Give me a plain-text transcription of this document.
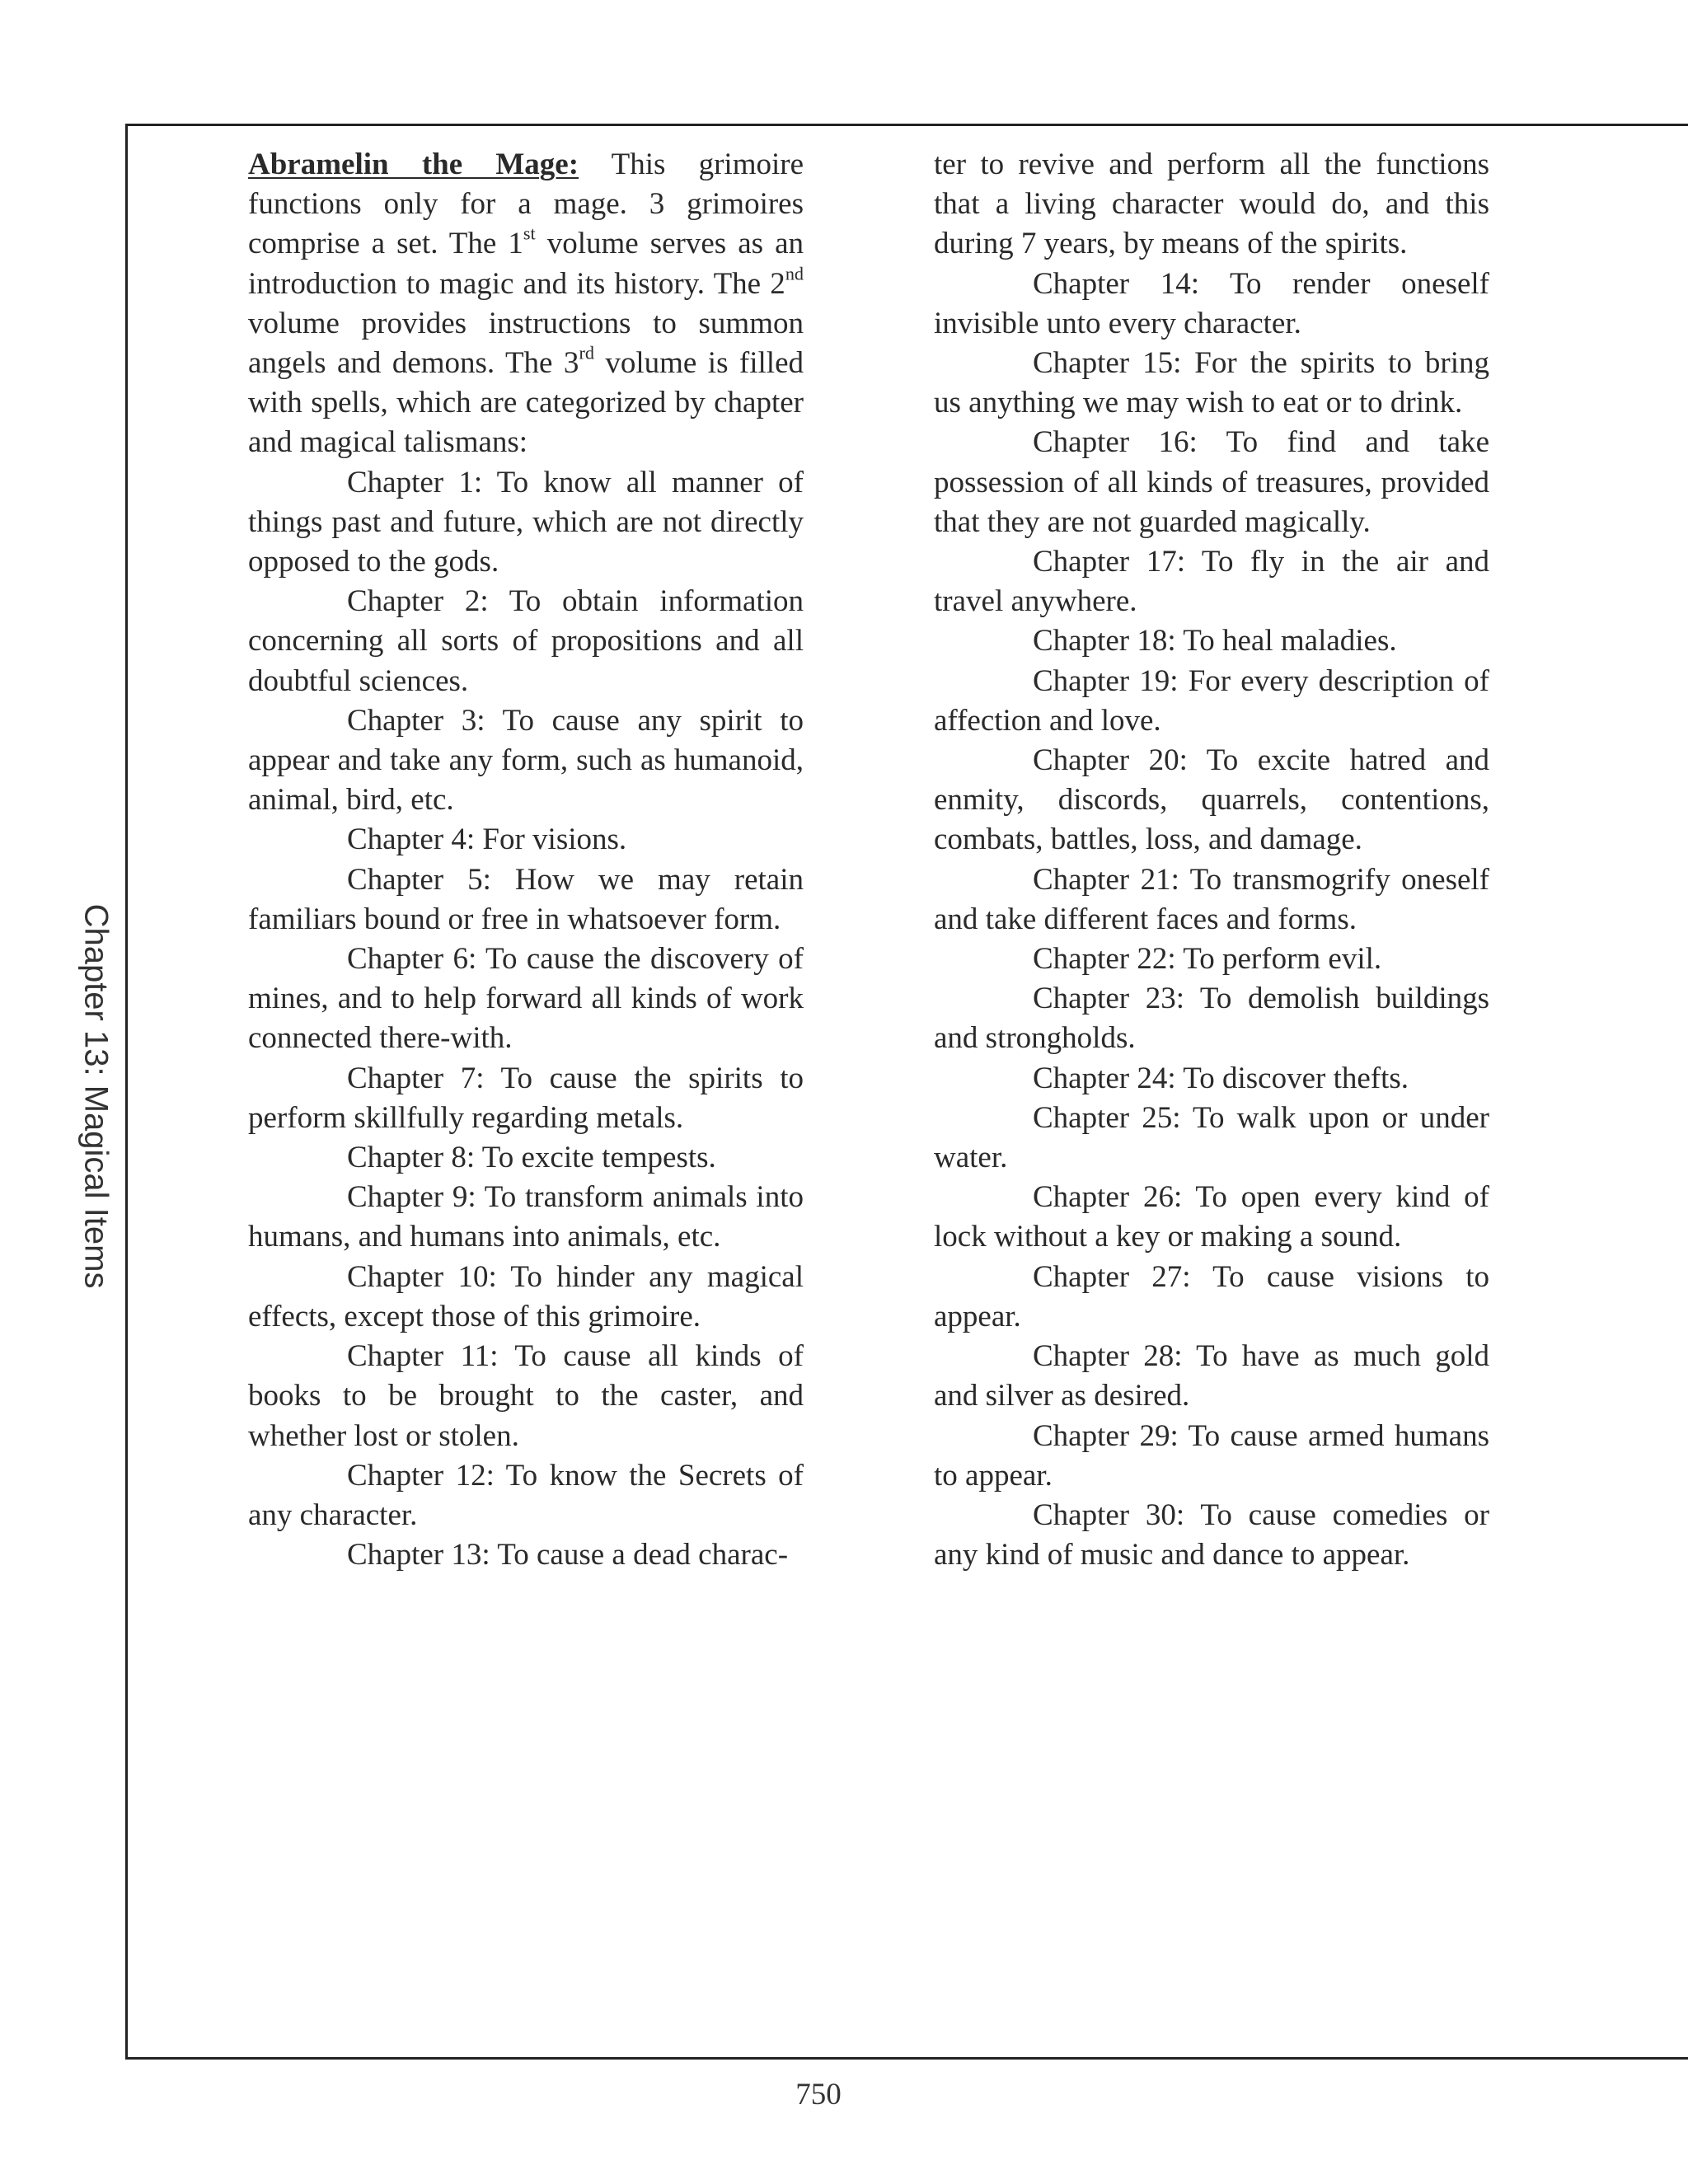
Chapter 13: Magical Items

Abramelin the Mage: This grimoire functions only for a mage. 3 grimoires comprise a set. The 1st volume serves as an introduction to magic and its history. The 2nd volume provides instructions to summon angels and demons. The 3rd volume is filled with spells, which are categorized by chapter and magical talismans:

Chapter 1: To know all manner of things past and future, which are not directly opposed to the gods.

Chapter 2: To obtain information concerning all sorts of propositions and all doubtful sciences.

Chapter 3: To cause any spirit to appear and take any form, such as humanoid, animal, bird, etc.

Chapter 4: For visions.

Chapter 5: How we may retain familiars bound or free in whatsoever form.

Chapter 6: To cause the discovery of mines, and to help forward all kinds of work connected there-with.

Chapter 7: To cause the spirits to perform skillfully regarding metals.

Chapter 8: To excite tempests.

Chapter 9: To transform animals into humans, and humans into animals, etc.

Chapter 10: To hinder any magical effects, except those of this grimoire.

Chapter 11: To cause all kinds of books to be brought to the caster, and whether lost or stolen.

Chapter 12: To know the Secrets of any character.

Chapter 13: To cause a dead charac-

ter to revive and perform all the functions that a living character would do, and this during 7 years, by means of the spirits.

Chapter 14: To render oneself invisible unto every character.

Chapter 15: For the spirits to bring us anything we may wish to eat or to drink.

Chapter 16: To find and take possession of all kinds of treasures, provided that they are not guarded magically.

Chapter 17: To fly in the air and travel anywhere.

Chapter 18: To heal maladies.

Chapter 19: For every description of affection and love.

Chapter 20: To excite hatred and enmity, discords, quarrels, contentions, combats, battles, loss, and damage.

Chapter 21: To transmogrify oneself and take different faces and forms.

Chapter 22: To perform evil.

Chapter 23: To demolish buildings and strongholds.

Chapter 24: To discover thefts.

Chapter 25: To walk upon or under water.

Chapter 26: To open every kind of lock without a key or making a sound.

Chapter 27: To cause visions to appear.

Chapter 28: To have as much gold and silver as desired.

Chapter 29: To cause armed humans to appear.

Chapter 30: To cause comedies or any kind of music and dance to appear.

750
